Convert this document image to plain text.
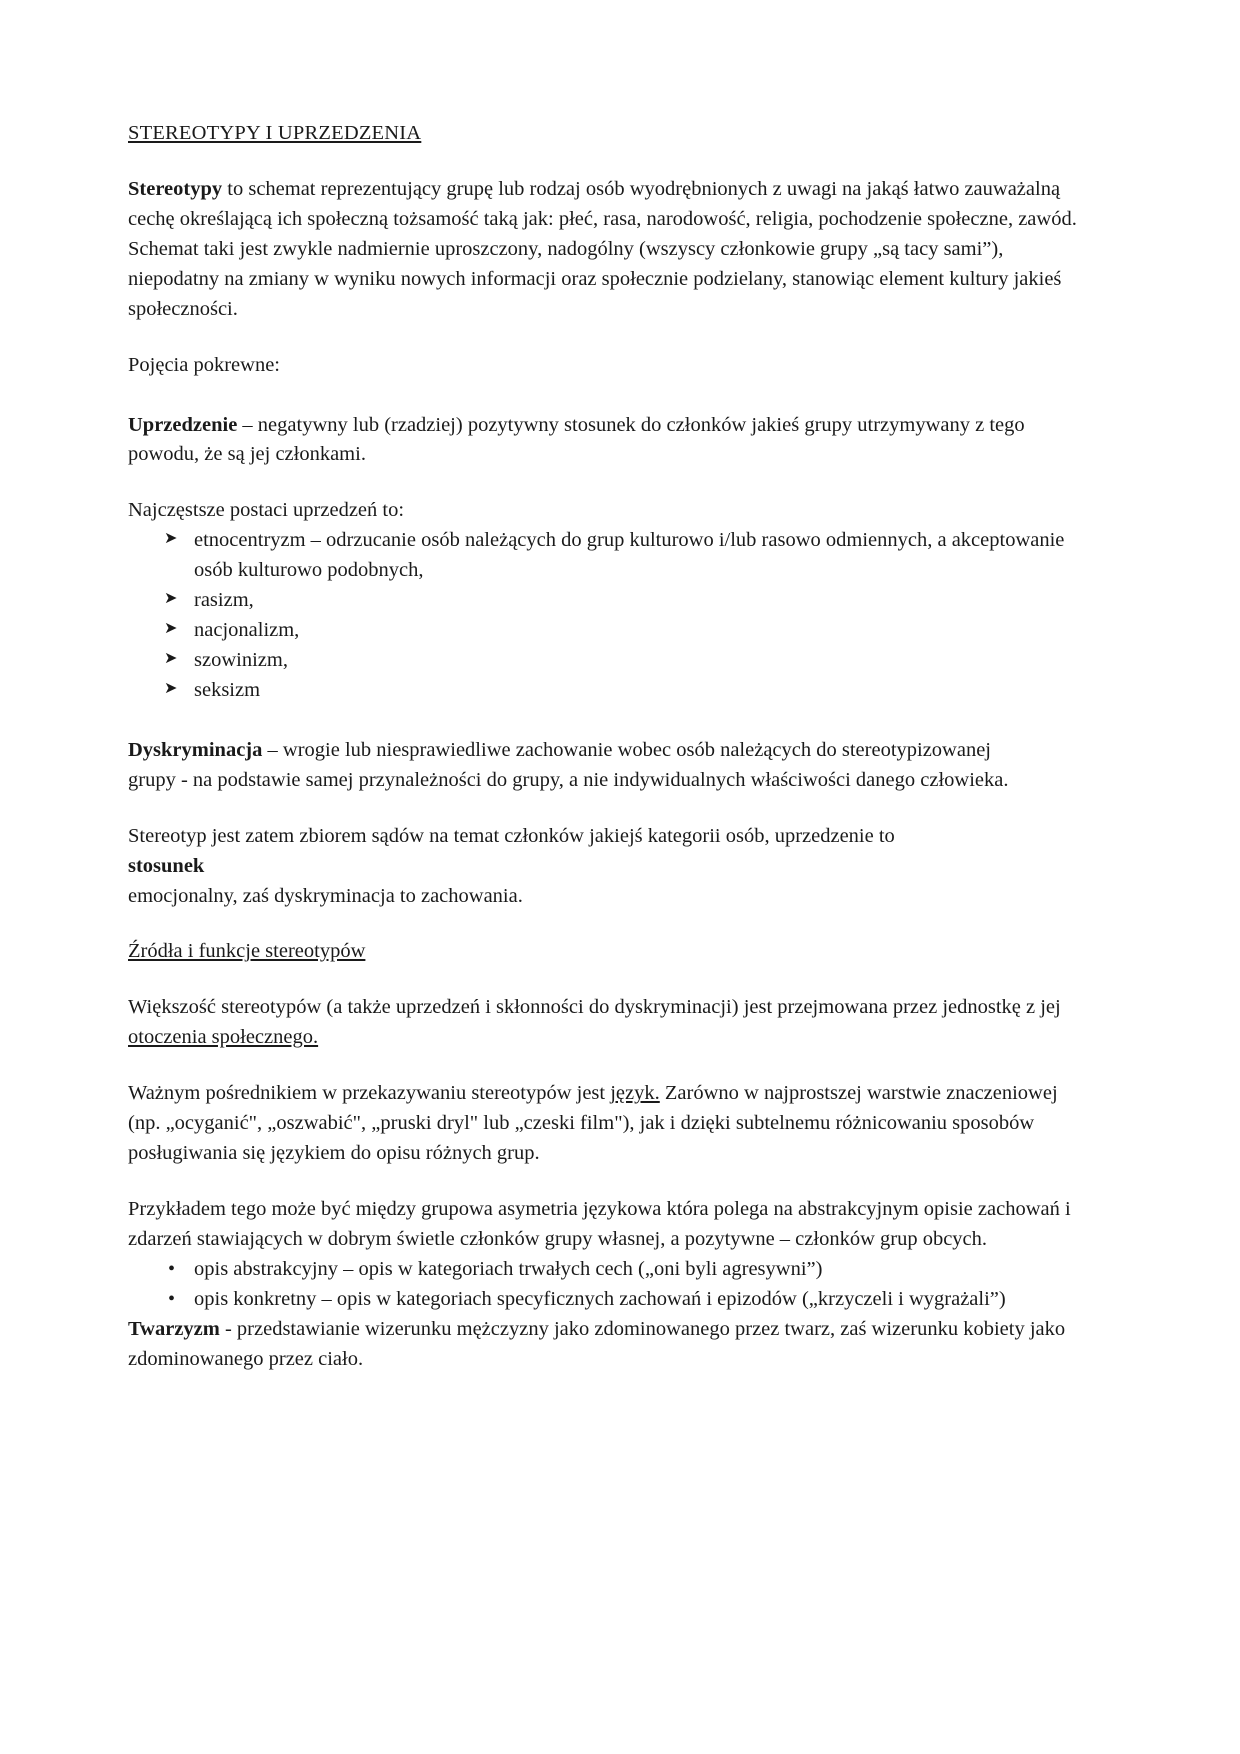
STEREOTYPY I UPRZEDZENIA

Stereotypy to schemat reprezentujący grupę lub rodzaj osób wyodrębnionych z uwagi na jakąś łatwo zauważalną cechę określającą ich społeczną tożsamość taką jak: płeć, rasa, narodowość, religia, pochodzenie społeczne, zawód.

Schemat taki jest zwykle nadmiernie uproszczony, nadogólny (wszyscy członkowie grupy „są tacy sami”), niepodatny na zmiany w wyniku nowych informacji oraz społecznie podzielany, stanowiąc element kultury jakieś społeczności.

Pojęcia pokrewne:

Uprzedzenie – negatywny lub (rzadziej) pozytywny stosunek do członków jakieś grupy utrzymywany z tego powodu, że są jej członkami.

Najczęstsze postaci uprzedzeń to:

➤ etnocentryzm – odrzucanie osób należących do grup kulturowo i/lub rasowo odmiennych, a akceptowanie osób kulturowo podobnych,
➤ rasizm,
➤ nacjonalizm,
➤ szowinizm,
➤ seksizm

Dyskryminacja – wrogie lub niesprawiedliwe zachowanie wobec osób należących do stereotypizowanej

grupy - na podstawie samej przynależności do grupy, a nie indywidualnych właściwości danego człowieka.

Stereotyp jest zatem zbiorem sądów na temat członków jakiejś kategorii osób, uprzedzenie to

stosunek

emocjonalny, zaś dyskryminacja to zachowania.

Źródła i funkcje stereotypów

Większość stereotypów (a także uprzedzeń i skłonności do dyskryminacji) jest przejmowana przez jednostkę z jej otoczenia społecznego.

Ważnym pośrednikiem w przekazywaniu stereotypów jest język. Zarówno w najprostszej warstwie znaczeniowej (np. „ocyganić", „oszwabić", „pruski dryl" lub „czeski film"), jak i dzięki subtelnemu różnicowaniu sposobów posługiwania się językiem do opisu różnych grup.

Przykładem tego może być między grupowa asymetria językowa która polega na abstrakcyjnym opisie zachowań i zdarzeń stawiających w dobrym świetle członków grupy własnej, a pozytywne – członków grup obcych.

• opis abstrakcyjny – opis w kategoriach trwałych cech („oni byli agresywni”)
• opis konkretny – opis w kategoriach specyficznych zachowań i epizodów („krzyczeli i wygrażali”)

Twarzyzm - przedstawianie wizerunku mężczyzny jako zdominowanego przez twarz, zaś wizerunku kobiety jako zdominowanego przez ciało.
